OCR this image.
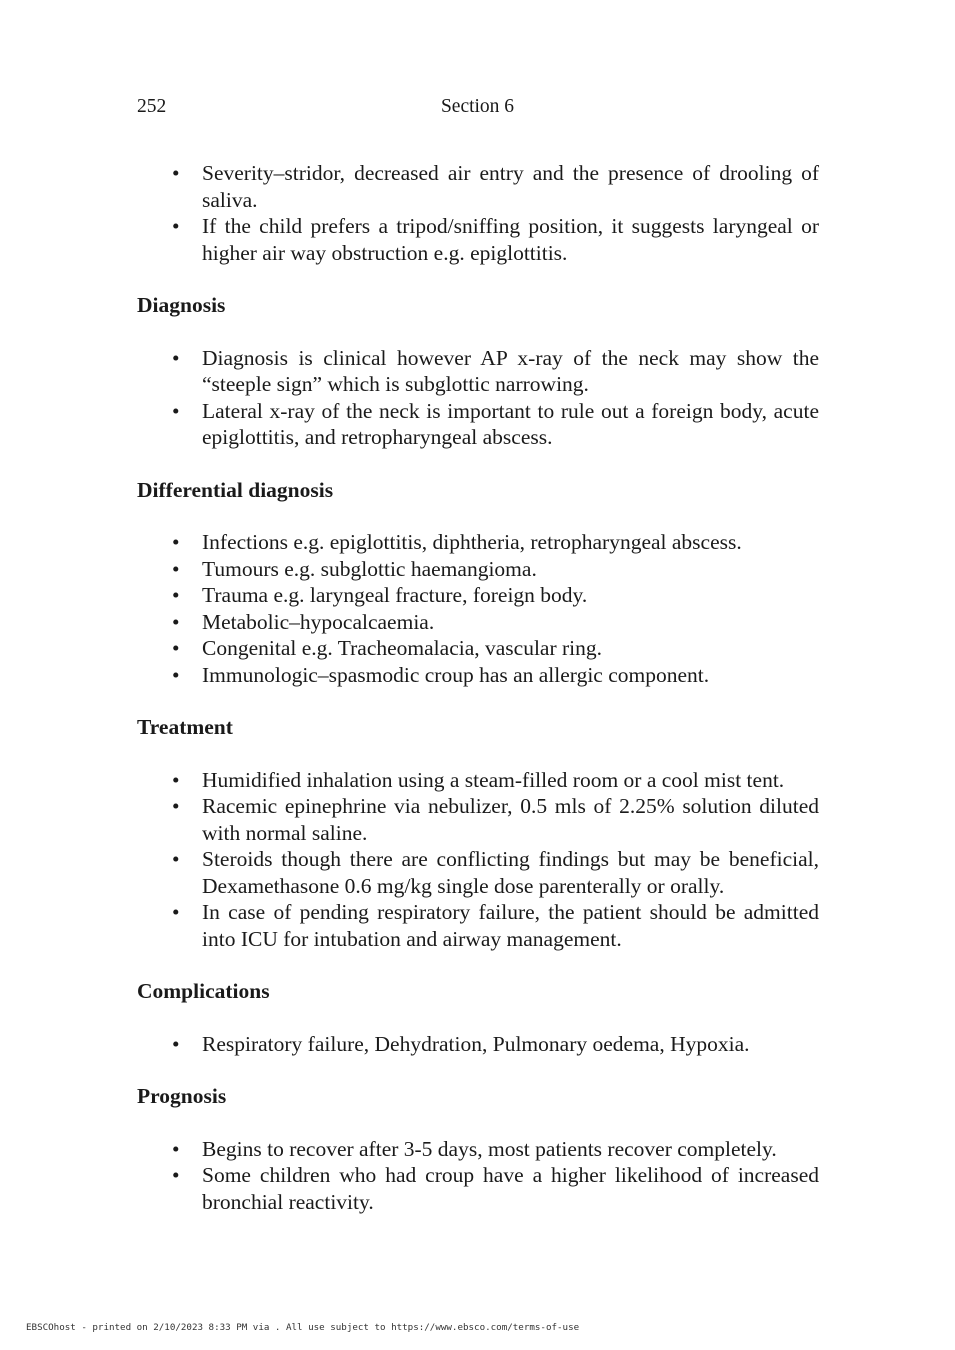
252	Section 6
• Severity–stridor, decreased air entry and the presence of drooling of saliva.
• If the child prefers a tripod/sniffing position, it suggests laryngeal or higher air way obstruction e.g. epiglottitis.
Diagnosis
• Diagnosis is clinical however AP x-ray of the neck may show the “steeple sign” which is subglottic narrowing.
• Lateral x-ray of the neck is important to rule out a foreign body, acute epiglottitis, and retropharyngeal abscess.
Differential diagnosis
• Infections e.g. epiglottitis, diphtheria, retropharyngeal abscess.
• Tumours e.g. subglottic haemangioma.
• Trauma e.g. laryngeal fracture, foreign body.
• Metabolic–hypocalcaemia.
• Congenital e.g. Tracheomalacia, vascular ring.
• Immunologic–spasmodic croup has an allergic component.
Treatment
• Humidified inhalation using a steam-filled room or a cool mist tent.
• Racemic epinephrine via nebulizer, 0.5 mls of 2.25% solution diluted with normal saline.
• Steroids though there are conflicting findings but may be beneficial, Dexamethasone 0.6 mg/kg single dose parenterally or orally.
• In case of pending respiratory failure, the patient should be admitted into ICU for intubation and airway management.
Complications
• Respiratory failure, Dehydration, Pulmonary oedema, Hypoxia.
Prognosis
• Begins to recover after 3-5 days, most patients recover completely.
• Some children who had croup have a higher likelihood of increased bronchial reactivity.
EBSCOhost - printed on 2/10/2023 8:33 PM via . All use subject to https://www.ebsco.com/terms-of-use
